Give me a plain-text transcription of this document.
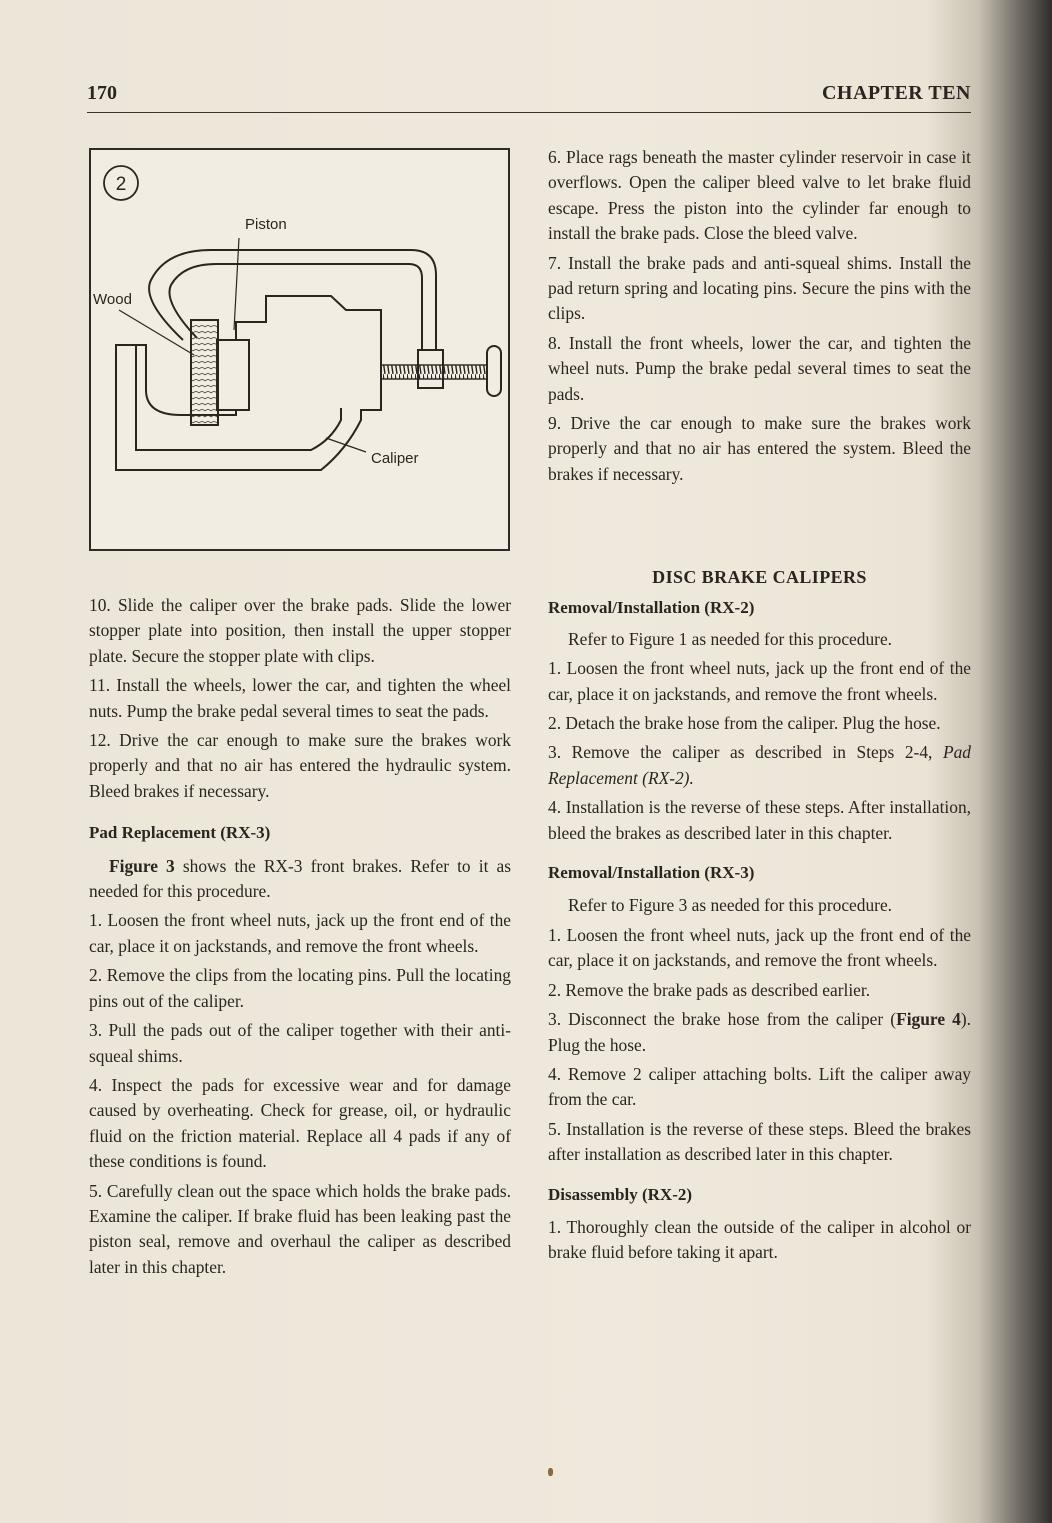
170	CHAPTER TEN
2
Piston
Wood
Caliper

6. Place rags beneath the master cylinder reservoir in case it overflows. Open the caliper bleed valve to let brake fluid escape. Press the piston into the cylinder far enough to install the brake pads. Close the bleed valve.

7. Install the brake pads and anti-squeal shims. Install the pad return spring and locating pins. Secure the pins with the clips.

8. Install the front wheels, lower the car, and tighten the wheel nuts. Pump the brake pedal several times to seat the pads.

9. Drive the car enough to make sure the brakes work properly and that no air has entered the system. Bleed the brakes if necessary.

10. Slide the caliper over the brake pads. Slide the lower stopper plate into position, then install the upper stopper plate. Secure the stopper plate with clips.

11. Install the wheels, lower the car, and tighten the wheel nuts. Pump the brake pedal several times to seat the pads.

12. Drive the car enough to make sure the brakes work properly and that no air has entered the hydraulic system. Bleed brakes if necessary.

Pad Replacement (RX-3)

Figure 3 shows the RX-3 front brakes. Refer to it as needed for this procedure.

1. Loosen the front wheel nuts, jack up the front end of the car, place it on jackstands, and remove the front wheels.

2. Remove the clips from the locating pins. Pull the locating pins out of the caliper.

3. Pull the pads out of the caliper together with their anti-squeal shims.

4. Inspect the pads for excessive wear and for damage caused by overheating. Check for grease, oil, or hydraulic fluid on the friction material. Replace all 4 pads if any of these conditions is found.

5. Carefully clean out the space which holds the brake pads. Examine the caliper. If brake fluid has been leaking past the piston seal, remove and overhaul the caliper as described later in this chapter.

DISC BRAKE CALIPERS
Removal/Installation (RX-2)

Refer to Figure 1 as needed for this procedure.

1. Loosen the front wheel nuts, jack up the front end of the car, place it on jackstands, and remove the front wheels.

2. Detach the brake hose from the caliper. Plug the hose.

3. Remove the caliper as described in Steps 2-4, Pad Replacement (RX-2).

4. Installation is the reverse of these steps. After installation, bleed the brakes as described later in this chapter.

Removal/Installation (RX-3)

Refer to Figure 3 as needed for this procedure.

1. Loosen the front wheel nuts, jack up the front end of the car, place it on jackstands, and remove the front wheels.

2. Remove the brake pads as described earlier.

3. Disconnect the brake hose from the caliper (Figure 4). Plug the hose.

4. Remove 2 caliper attaching bolts. Lift the caliper away from the car.

5. Installation is the reverse of these steps. Bleed the brakes after installation as described later in this chapter.

Disassembly (RX-2)

1. Thoroughly clean the outside of the caliper in alcohol or brake fluid before taking it apart.
